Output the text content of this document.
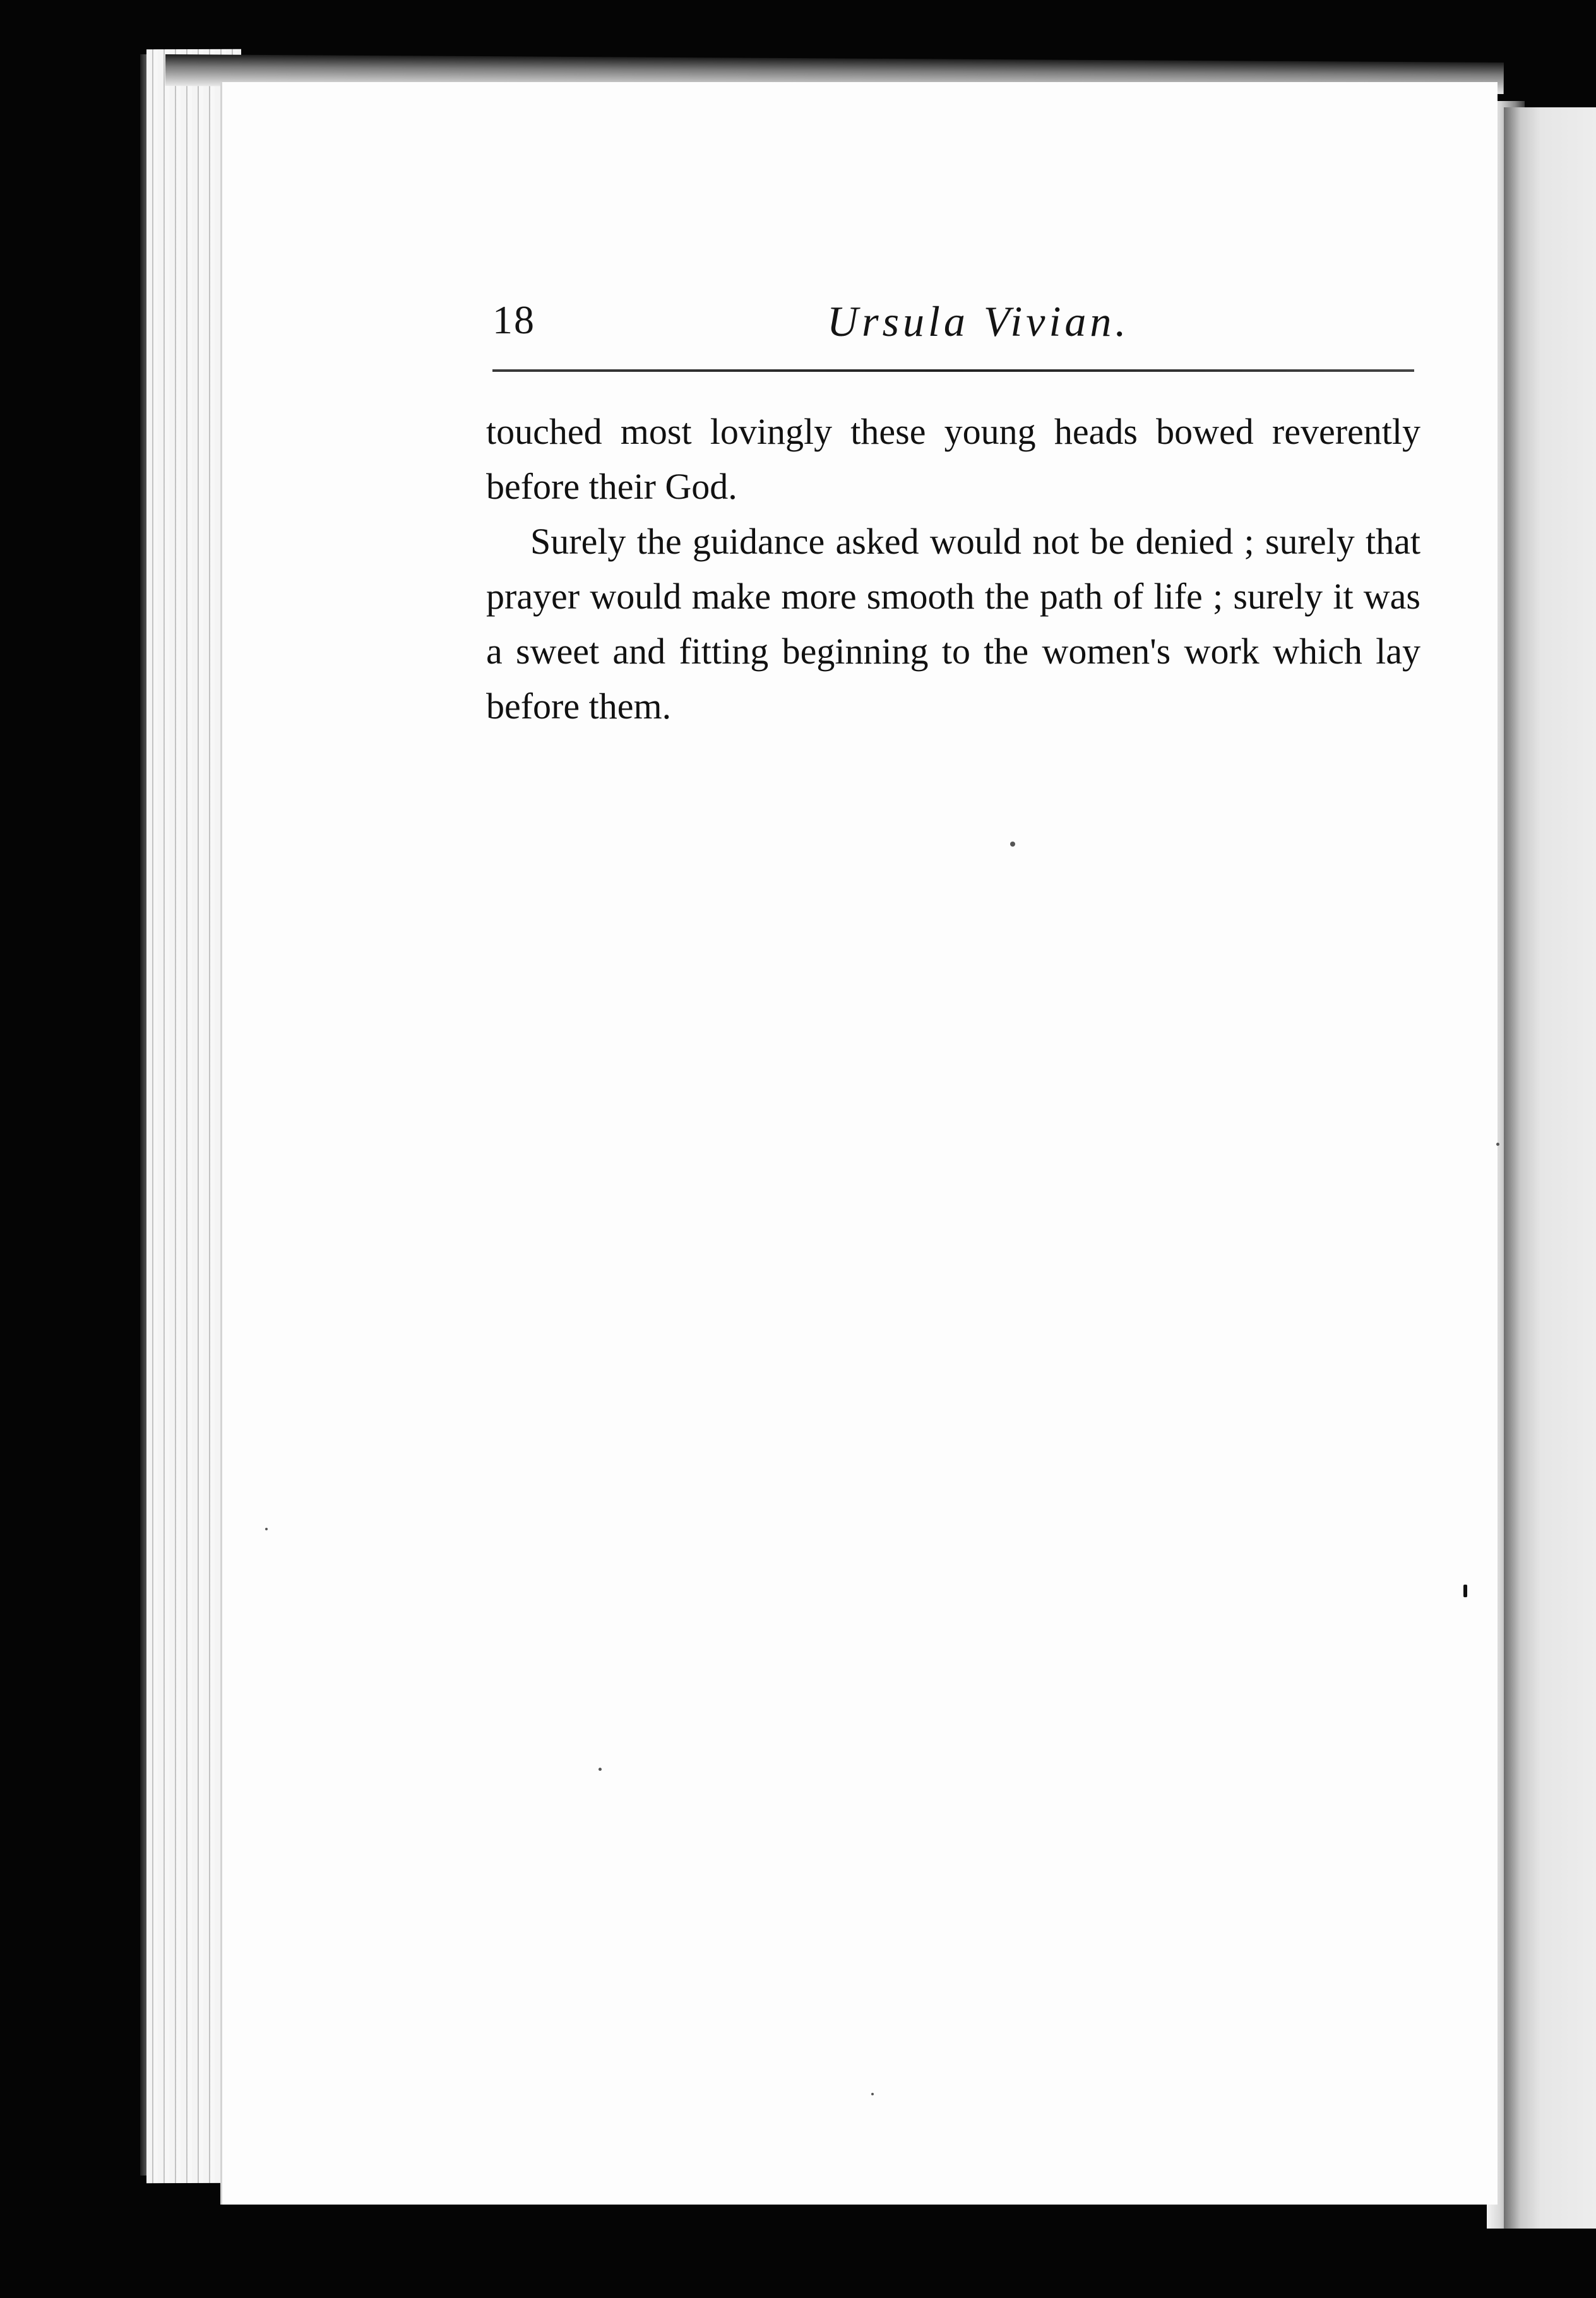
18	Ursula Vivian.

touched most lovingly these young heads bowed reverently before their God.

Surely the guidance asked would not be denied ; surely that prayer would make more smooth the path of life ; surely it was a sweet and fitting beginning to the women's work which lay before them.
